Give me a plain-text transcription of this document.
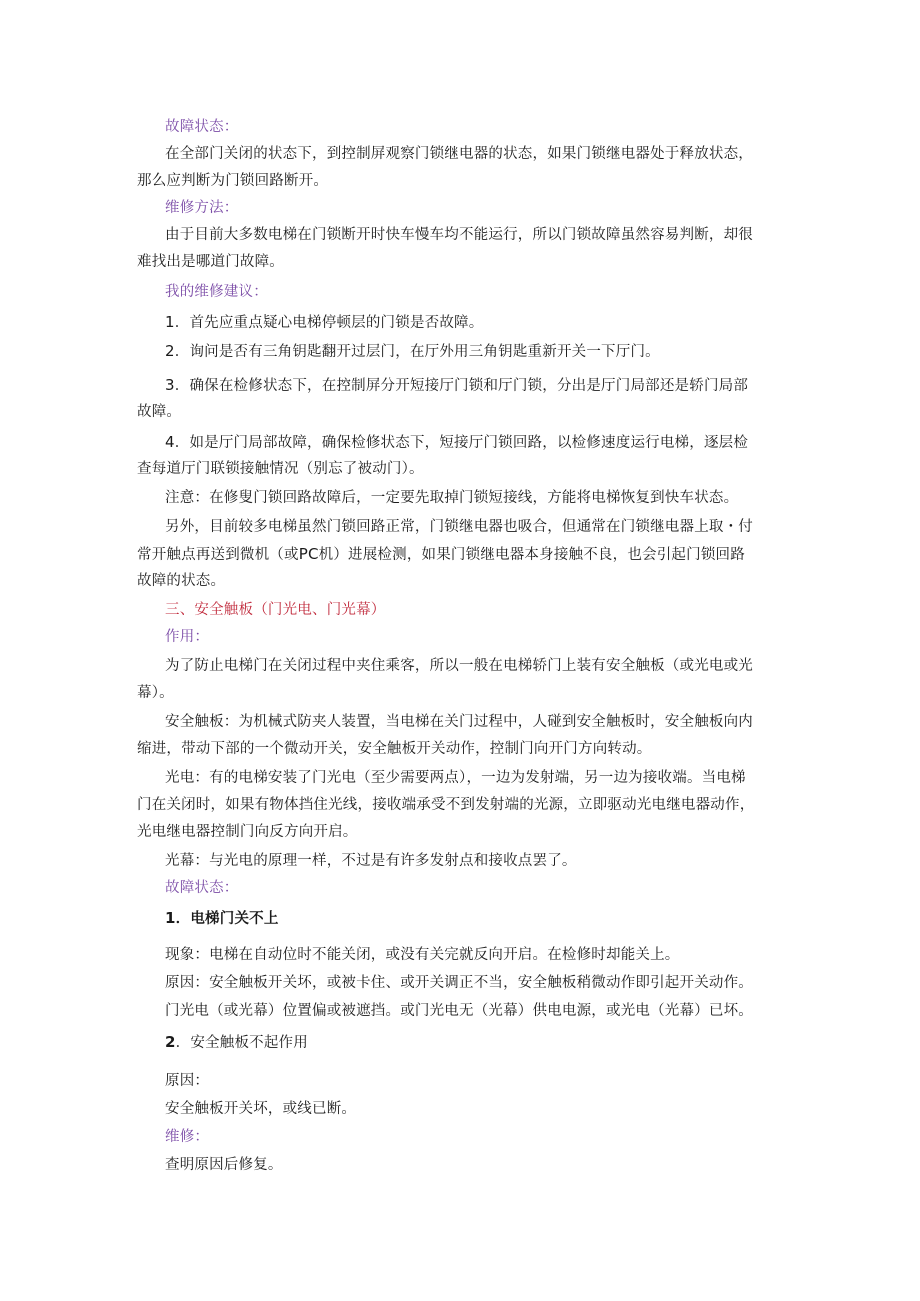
故障状态：

在全部门关闭的状态下，到控制屏观察门锁继电器的状态，如果门锁继电器处于释放状态，

那么应判断为门锁回路断开。

维修方法：

由于目前大多数电梯在门锁断开时快车慢车均不能运行，所以门锁故障虽然容易判断，却很

难找出是哪道门故障。

我的维修建议：

1．首先应重点疑心电梯停顿层的门锁是否故障。

2．询问是否有三角钥匙翻开过层门，在厅外用三角钥匙重新开关一下厅门。

3．确保在检修状态下，在控制屏分开短接厅门锁和厅门锁，分出是厅门局部还是轿门局部

故障。

4．如是厅门局部故障，确保检修状态下，短接厅门锁回路，以检修速度运行电梯，逐层检

查每道厅门联锁接触情况（别忘了被动门）。

注意：在修叟门锁回路故障后，一定要先取掉门锁短接线，方能将电梯恢复到快车状态。

另外，目前较多电梯虽然门锁回路正常，门锁继电器也吸合，但通常在门锁继电器上取・付

常开触点再送到微机（或PC机）进展检测，如果门锁继电器本身接触不良，也会引起门锁回路

故障的状态。

三、安全触板（门光电、门光幕）

作用：

为了防止电梯门在关闭过程中夹住乘客，所以一般在电梯轿门上装有安全触板（或光电或光

幕）。

安全触板：为机械式防夹人装置，当电梯在关门过程中，人碰到安全触板时，安全触板向内

缩进，带动下部的一个微动开关，安全触板开关动作，控制门向开门方向转动。

光电：有的电梯安装了门光电（至少需要两点），一边为发射端，另一边为接收端。当电梯

门在关闭时，如果有物体挡住光线，接收端承受不到发射端的光源，立即驱动光电继电器动作，

光电继电器控制门向反方向开启。

光幕：与光电的原理一样，不过是有许多发射点和接收点罢了。

故障状态：

1．电梯门关不上

现象：电梯在自动位时不能关闭，或没有关完就反向开启。在检修时却能关上。

原因：安全触板开关坏，或被卡住、或开关调正不当，安全触板稍微动作即引起开关动作。

门光电（或光幕）位置偏或被遮挡。或门光电无（光幕）供电电源，或光电（光幕）已坏。

2．安全触板不起作用

原因：

安全触板开关坏，或线已断。

维修：

查明原因后修复。
